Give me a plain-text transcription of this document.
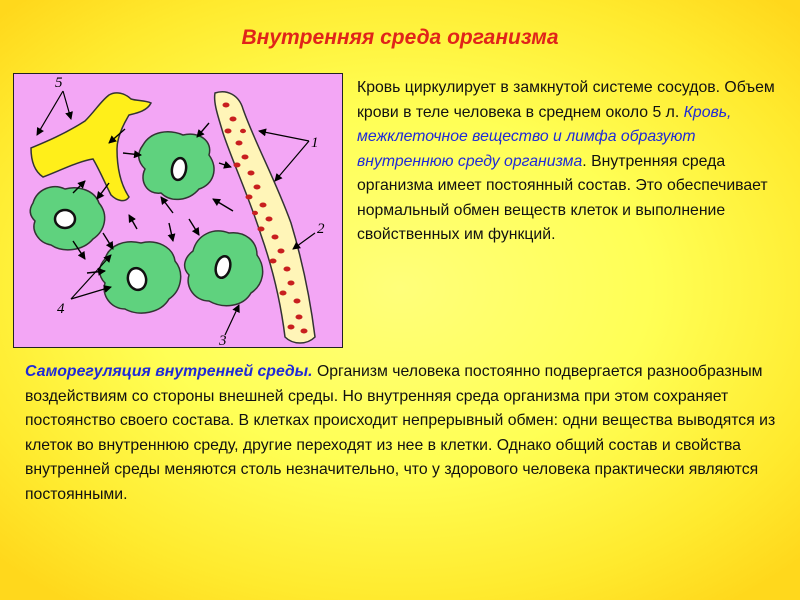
Внутренняя среда организма
5
1
2
4
3
Кровь циркулирует в замкнутой системе сосудов. Объем крови в теле человека в среднем около 5 л. Кровь, межклеточное вещество и лимфа образуют внутреннюю среду организма. Внутренняя среда организма имеет постоянный состав. Это обеспечивает нормальный обмен веществ клеток и выполнение свойственных им функций.
Саморегуляция внутренней среды. Организм человека постоянно подвергается разнообразным воздействиям со стороны внешней среды. Но внутренняя среда организма при этом сохраняет постоянство своего состава. В клетках происходит непрерывный обмен: одни вещества выводятся из клеток во внутреннюю среду, другие переходят из нее в клетки. Однако общий состав и свойства внутренней среды меняются столь незначительно, что у здорового человека практически являются постоянными.
